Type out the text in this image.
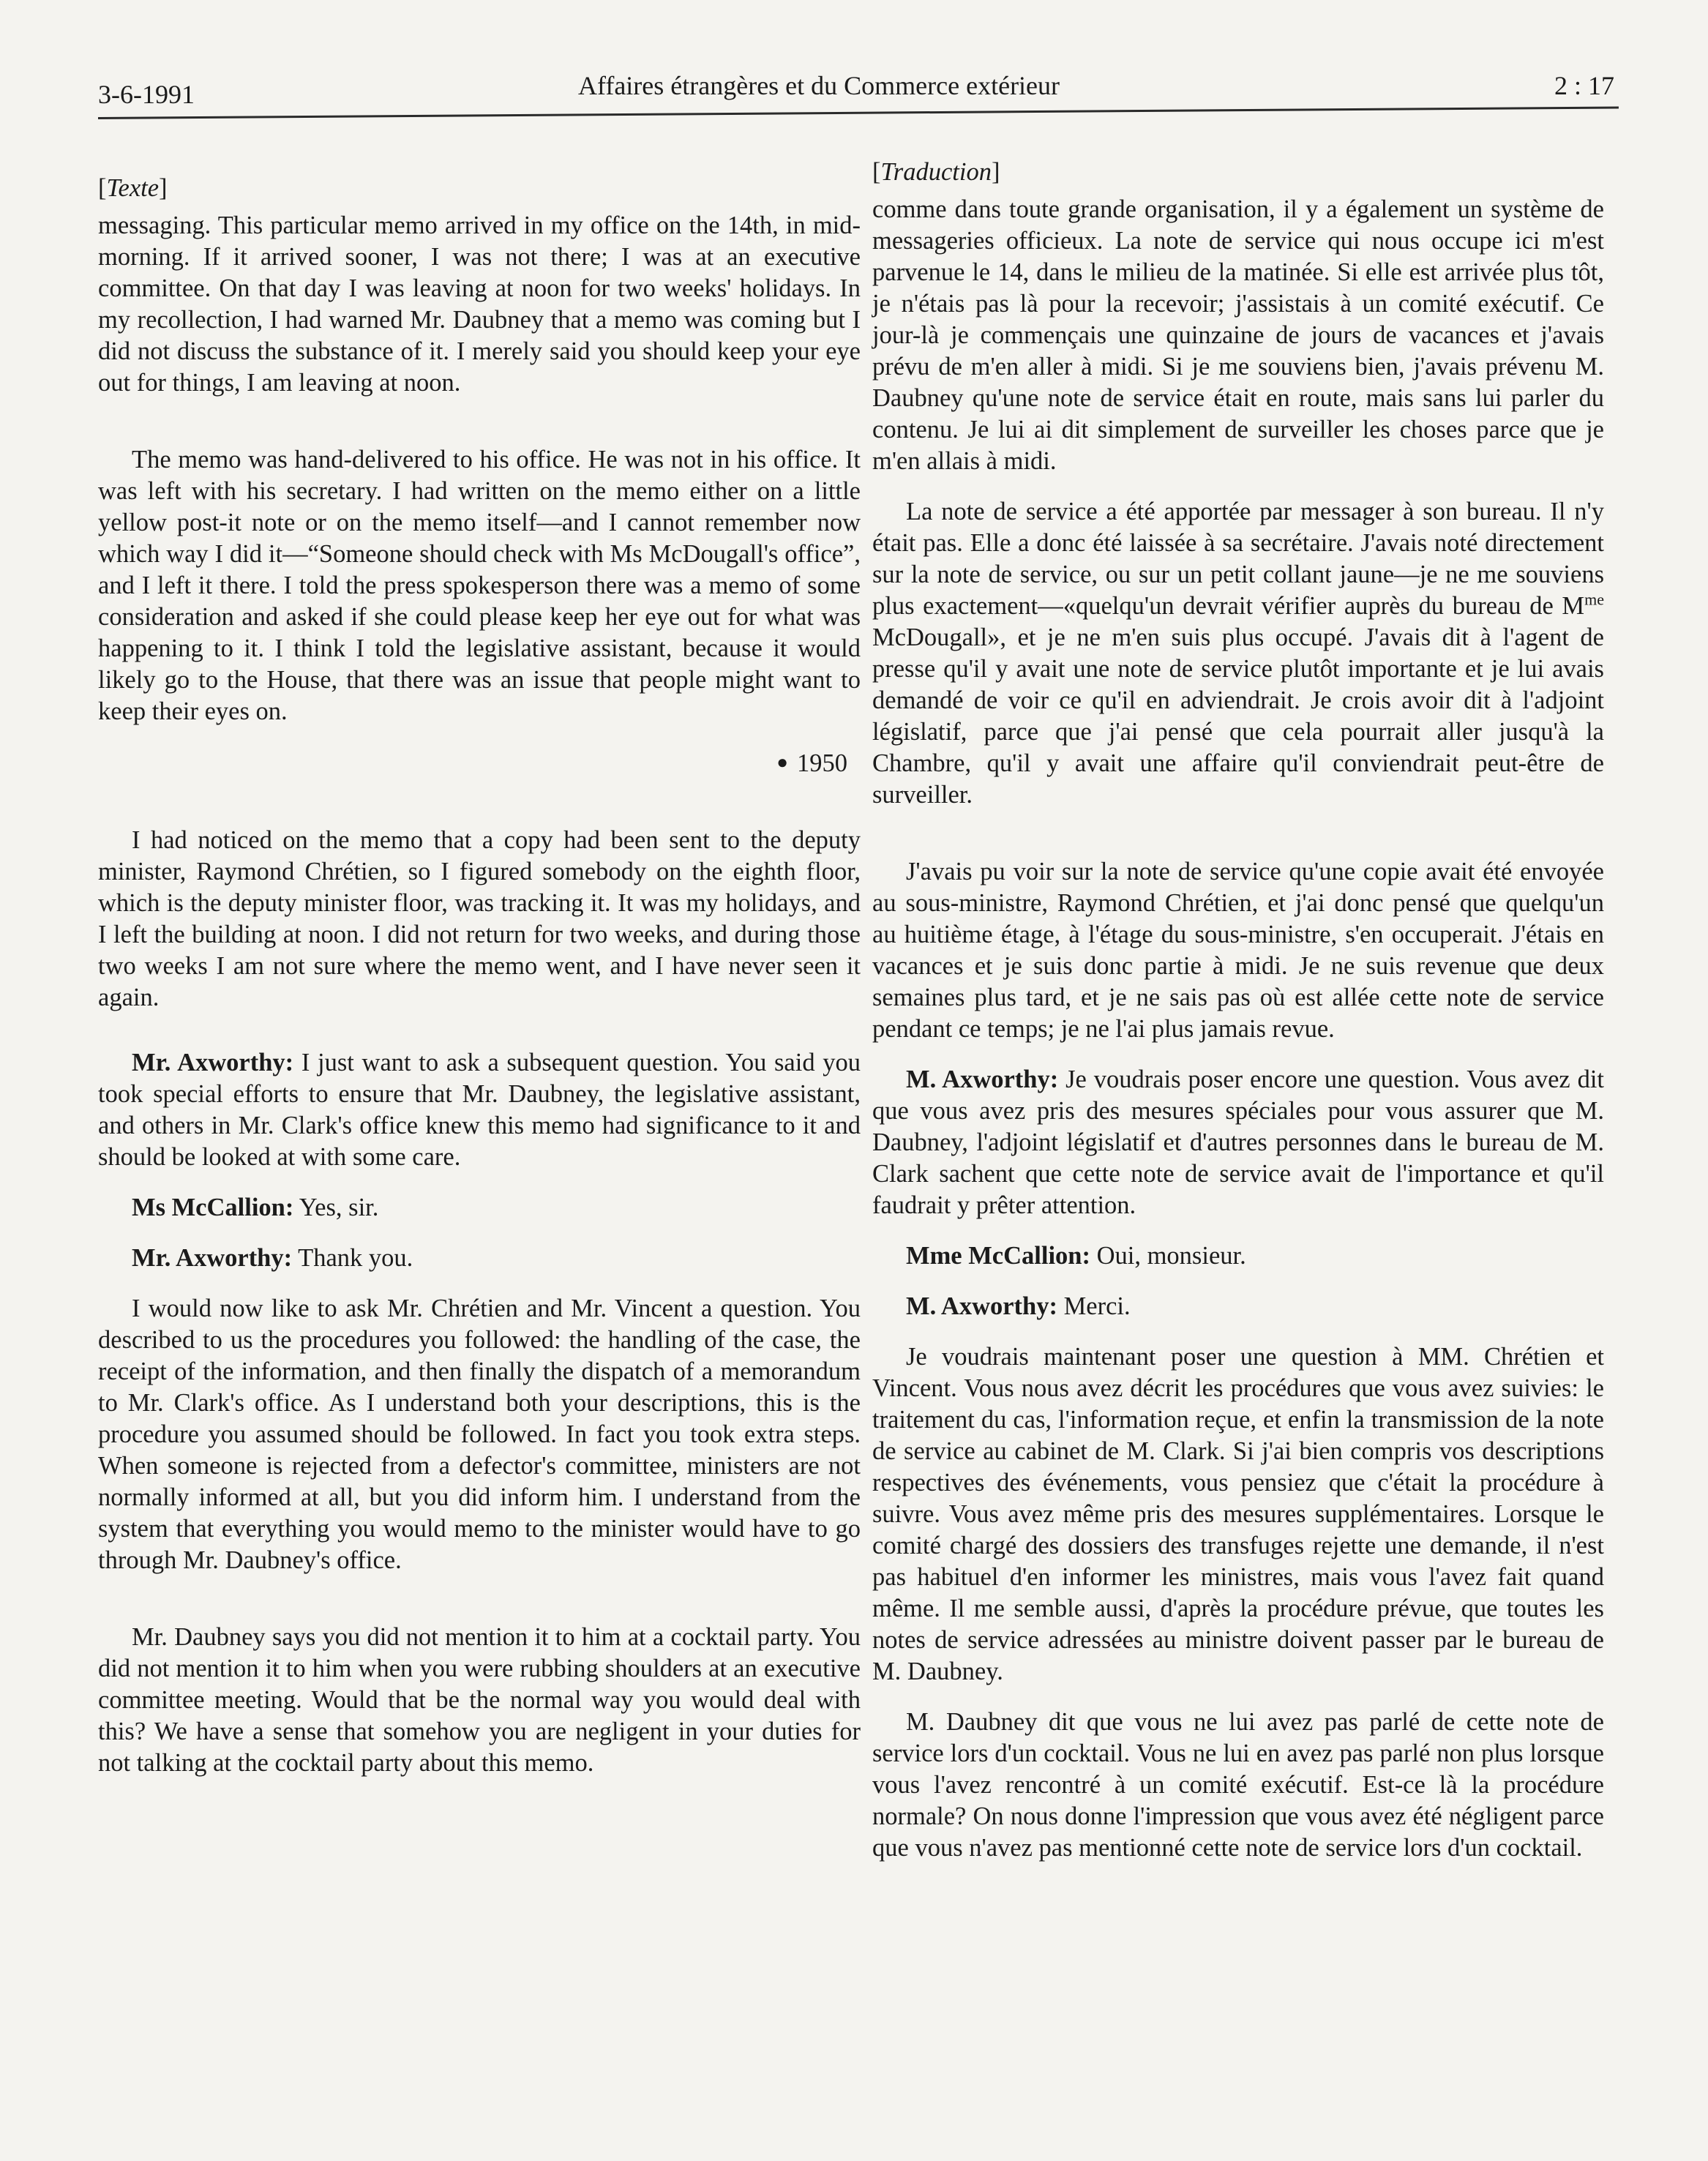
3-6-1991	Affaires étrangères et du Commerce extérieur	2 : 17
[ Texte ]

messaging. This particular memo arrived in my office on the 14th, in mid-morning. If it arrived sooner, I was not there; I was at an executive committee. On that day I was leaving at noon for two weeks' holidays. In my recollection, I had warned Mr. Daubney that a memo was coming but I did not discuss the substance of it. I merely said you should keep your eye out for things, I am leaving at noon.

The memo was hand-delivered to his office. He was not in his office. It was left with his secretary. I had written on the memo either on a little yellow post-it note or on the memo itself—and I cannot remember now which way I did it—“Someone should check with Ms McDougall's office”, and I left it there. I told the press spokesperson there was a memo of some consideration and asked if she could please keep her eye out for what was happening to it. I think I told the legislative assistant, because it would likely go to the House, that there was an issue that people might want to keep their eyes on.

● 1950

I had noticed on the memo that a copy had been sent to the deputy minister, Raymond Chrétien, so I figured somebody on the eighth floor, which is the deputy minister floor, was tracking it. It was my holidays, and I left the building at noon. I did not return for two weeks, and during those two weeks I am not sure where the memo went, and I have never seen it again.

Mr. Axworthy: I just want to ask a subsequent question. You said you took special efforts to ensure that Mr. Daubney, the legislative assistant, and others in Mr. Clark's office knew this memo had significance to it and should be looked at with some care.

Ms McCallion: Yes, sir.

Mr. Axworthy: Thank you.

I would now like to ask Mr. Chrétien and Mr. Vincent a question. You described to us the procedures you followed: the handling of the case, the receipt of the information, and then finally the dispatch of a memorandum to Mr. Clark's office. As I understand both your descriptions, this is the procedure you assumed should be followed. In fact you took extra steps. When someone is rejected from a defector's committee, ministers are not normally informed at all, but you did inform him. I understand from the system that everything you would memo to the minister would have to go through Mr. Daubney's office.

Mr. Daubney says you did not mention it to him at a cocktail party. You did not mention it to him when you were rubbing shoulders at an executive committee meeting. Would that be the normal way you would deal with this? We have a sense that somehow you are negligent in your duties for not talking at the cocktail party about this memo.

[ Traduction ]

comme dans toute grande organisation, il y a également un système de messageries officieux. La note de service qui nous occupe ici m'est parvenue le 14, dans le milieu de la matinée. Si elle est arrivée plus tôt, je n'étais pas là pour la recevoir; j'assistais à un comité exécutif. Ce jour-là je commençais une quinzaine de jours de vacances et j'avais prévu de m'en aller à midi. Si je me souviens bien, j'avais prévenu M. Daubney qu'une note de service était en route, mais sans lui parler du contenu. Je lui ai dit simplement de surveiller les choses parce que je m'en allais à midi.

La note de service a été apportée par messager à son bureau. Il n'y était pas. Elle a donc été laissée à sa secrétaire. J'avais noté directement sur la note de service, ou sur un petit collant jaune—je ne me souviens plus exactement—«quelqu'un devrait vérifier auprès du bureau de $M^{me}$ McDougall», et je ne m'en suis plus occupé. J'avais dit à l'agent de presse qu'il y avait une note de service plutôt importante et je lui avais demandé de voir ce qu'il en adviendrait. Je crois avoir dit à l'adjoint législatif, parce que j'ai pensé que cela pourrait aller jusqu'à la Chambre, qu'il y avait une affaire qu'il conviendrait peut-être de surveiller.

J'avais pu voir sur la note de service qu'une copie avait été envoyée au sous-ministre, Raymond Chrétien, et j'ai donc pensé que quelqu'un au huitième étage, à l'étage du sous-ministre, s'en occuperait. J'étais en vacances et je suis donc partie à midi. Je ne suis revenue que deux semaines plus tard, et je ne sais pas où est allée cette note de service pendant ce temps; je ne l'ai plus jamais revue.

M. Axworthy: Je voudrais poser encore une question. Vous avez dit que vous avez pris des mesures spéciales pour vous assurer que M. Daubney, l'adjoint législatif et d'autres personnes dans le bureau de M. Clark sachent que cette note de service avait de l'importance et qu'il faudrait y prêter attention.

Mme McCallion: Oui, monsieur.

M. Axworthy: Merci.

Je voudrais maintenant poser une question à MM. Chrétien et Vincent. Vous nous avez décrit les procédures que vous avez suivies: le traitement du cas, l'information reçue, et enfin la transmission de la note de service au cabinet de M. Clark. Si j'ai bien compris vos descriptions respectives des événements, vous pensiez que c'était la procédure à suivre. Vous avez même pris des mesures supplémentaires. Lorsque le comité chargé des dossiers des transfuges rejette une demande, il n'est pas habituel d'en informer les ministres, mais vous l'avez fait quand même. Il me semble aussi, d'après la procédure prévue, que toutes les notes de service adressées au ministre doivent passer par le bureau de M. Daubney.

M. Daubney dit que vous ne lui avez pas parlé de cette note de service lors d'un cocktail. Vous ne lui en avez pas parlé non plus lorsque vous l'avez rencontré à un comité exécutif. Est-ce là la procédure normale? On nous donne l'impression que vous avez été négligent parce que vous n'avez pas mentionné cette note de service lors d'un cocktail.
